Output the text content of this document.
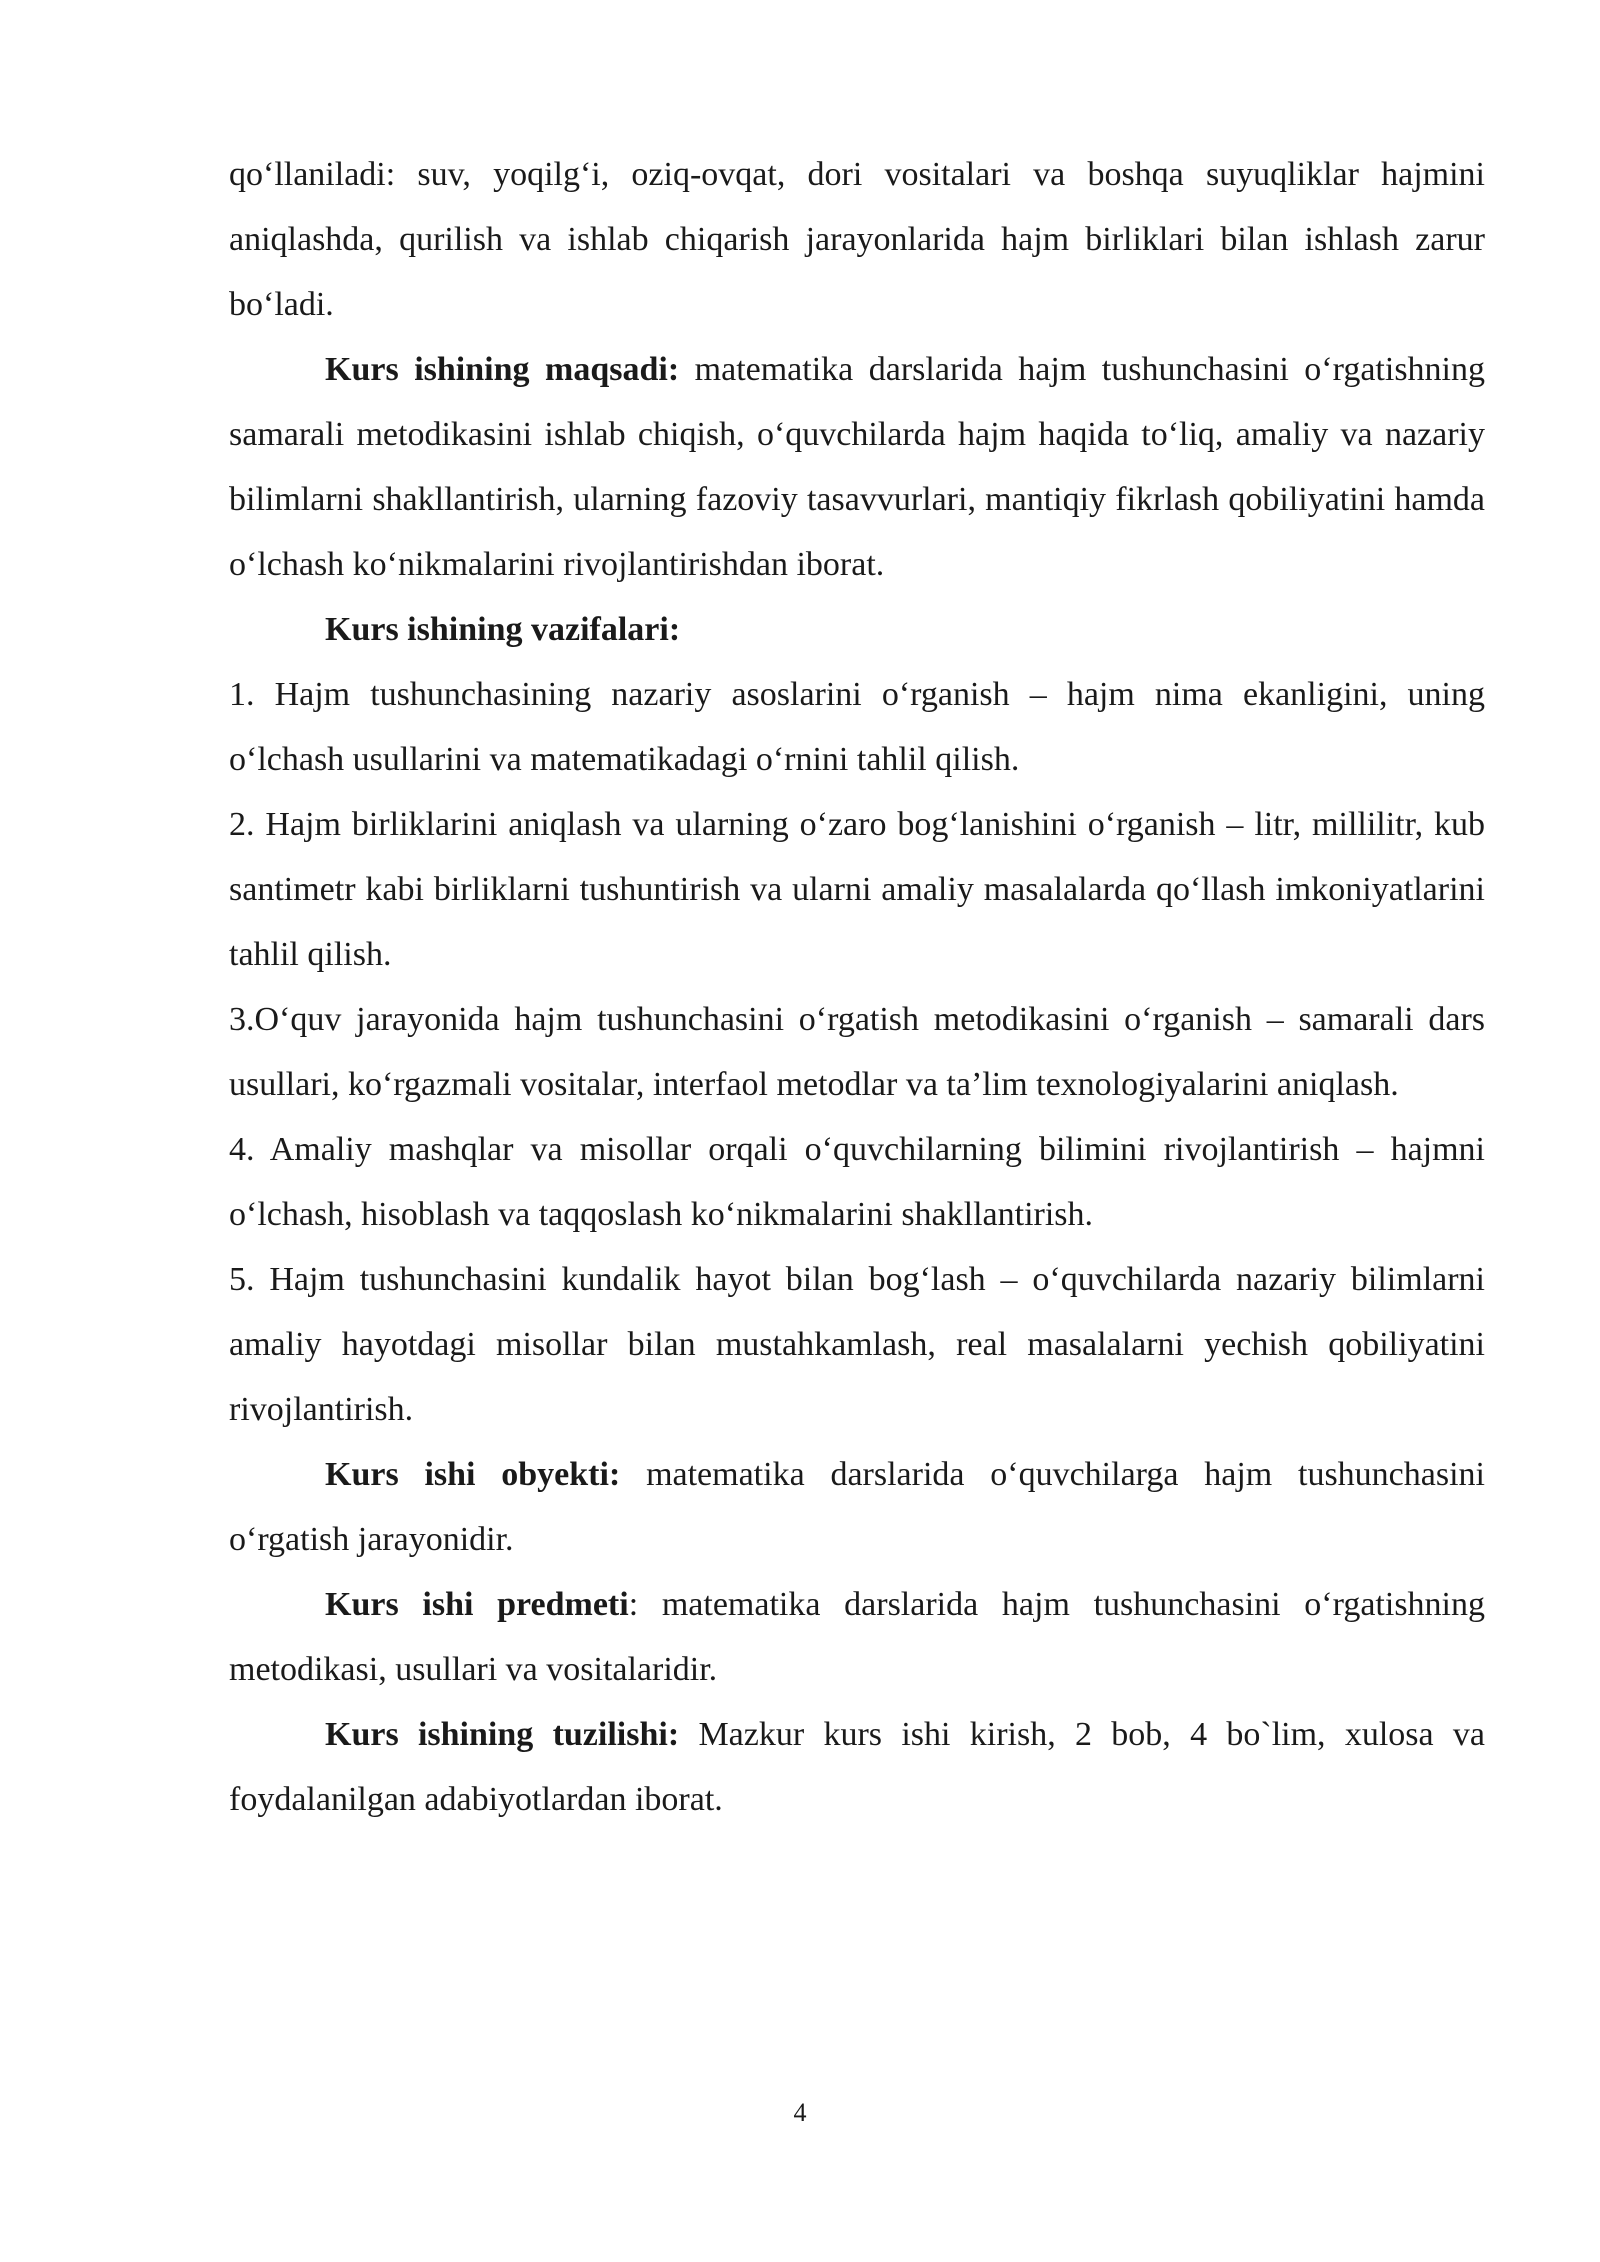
qo‘llaniladi: suv, yoqilg‘i, oziq-ovqat, dori vositalari va boshqa suyuqliklar hajmini aniqlashda, qurilish va ishlab chiqarish jarayonlarida hajm birliklari bilan ishlash zarur bo‘ladi.

Kurs ishining maqsadi: matematika darslarida hajm tushunchasini o‘rgatishning samarali metodikasini ishlab chiqish, o‘quvchilarda hajm haqida to‘liq, amaliy va nazariy bilimlarni shakllantirish, ularning fazoviy tasavvurlari, mantiqiy fikrlash qobiliyatini hamda o‘lchash ko‘nikmalarini rivojlantirishdan iborat.

Kurs ishining vazifalari:

1. Hajm tushunchasining nazariy asoslarini o‘rganish – hajm nima ekanligini, uning o‘lchash usullarini va matematikadagi o‘rnini tahlil qilish.

2. Hajm birliklarini aniqlash va ularning o‘zaro bog‘lanishini o‘rganish – litr, millilitr, kub santimetr kabi birliklarni tushuntirish va ularni amaliy masalalarda qo‘llash imkoniyatlarini tahlil qilish.

3.O‘quv jarayonida hajm tushunchasini o‘rgatish metodikasini o‘rganish – samarali dars usullari, ko‘rgazmali vositalar, interfaol metodlar va ta’lim texnologiyalarini aniqlash.

4. Amaliy mashqlar va misollar orqali o‘quvchilarning bilimini rivojlantirish – hajmni o‘lchash, hisoblash va taqqoslash ko‘nikmalarini shakllantirish.

5. Hajm tushunchasini kundalik hayot bilan bog‘lash – o‘quvchilarda nazariy bilimlarni amaliy hayotdagi misollar bilan mustahkamlash, real masalalarni yechish qobiliyatini rivojlantirish.

Kurs ishi obyekti: matematika darslarida o‘quvchilarga hajm tushunchasini o‘rgatish jarayonidir.

Kurs ishi predmeti: matematika darslarida hajm tushunchasini o‘rgatishning metodikasi, usullari va vositalaridir.

Kurs ishining tuzilishi: Mazkur kurs ishi kirish, 2 bob, 4 bo`lim, xulosa va foydalanilgan adabiyotlardan iborat.

4
